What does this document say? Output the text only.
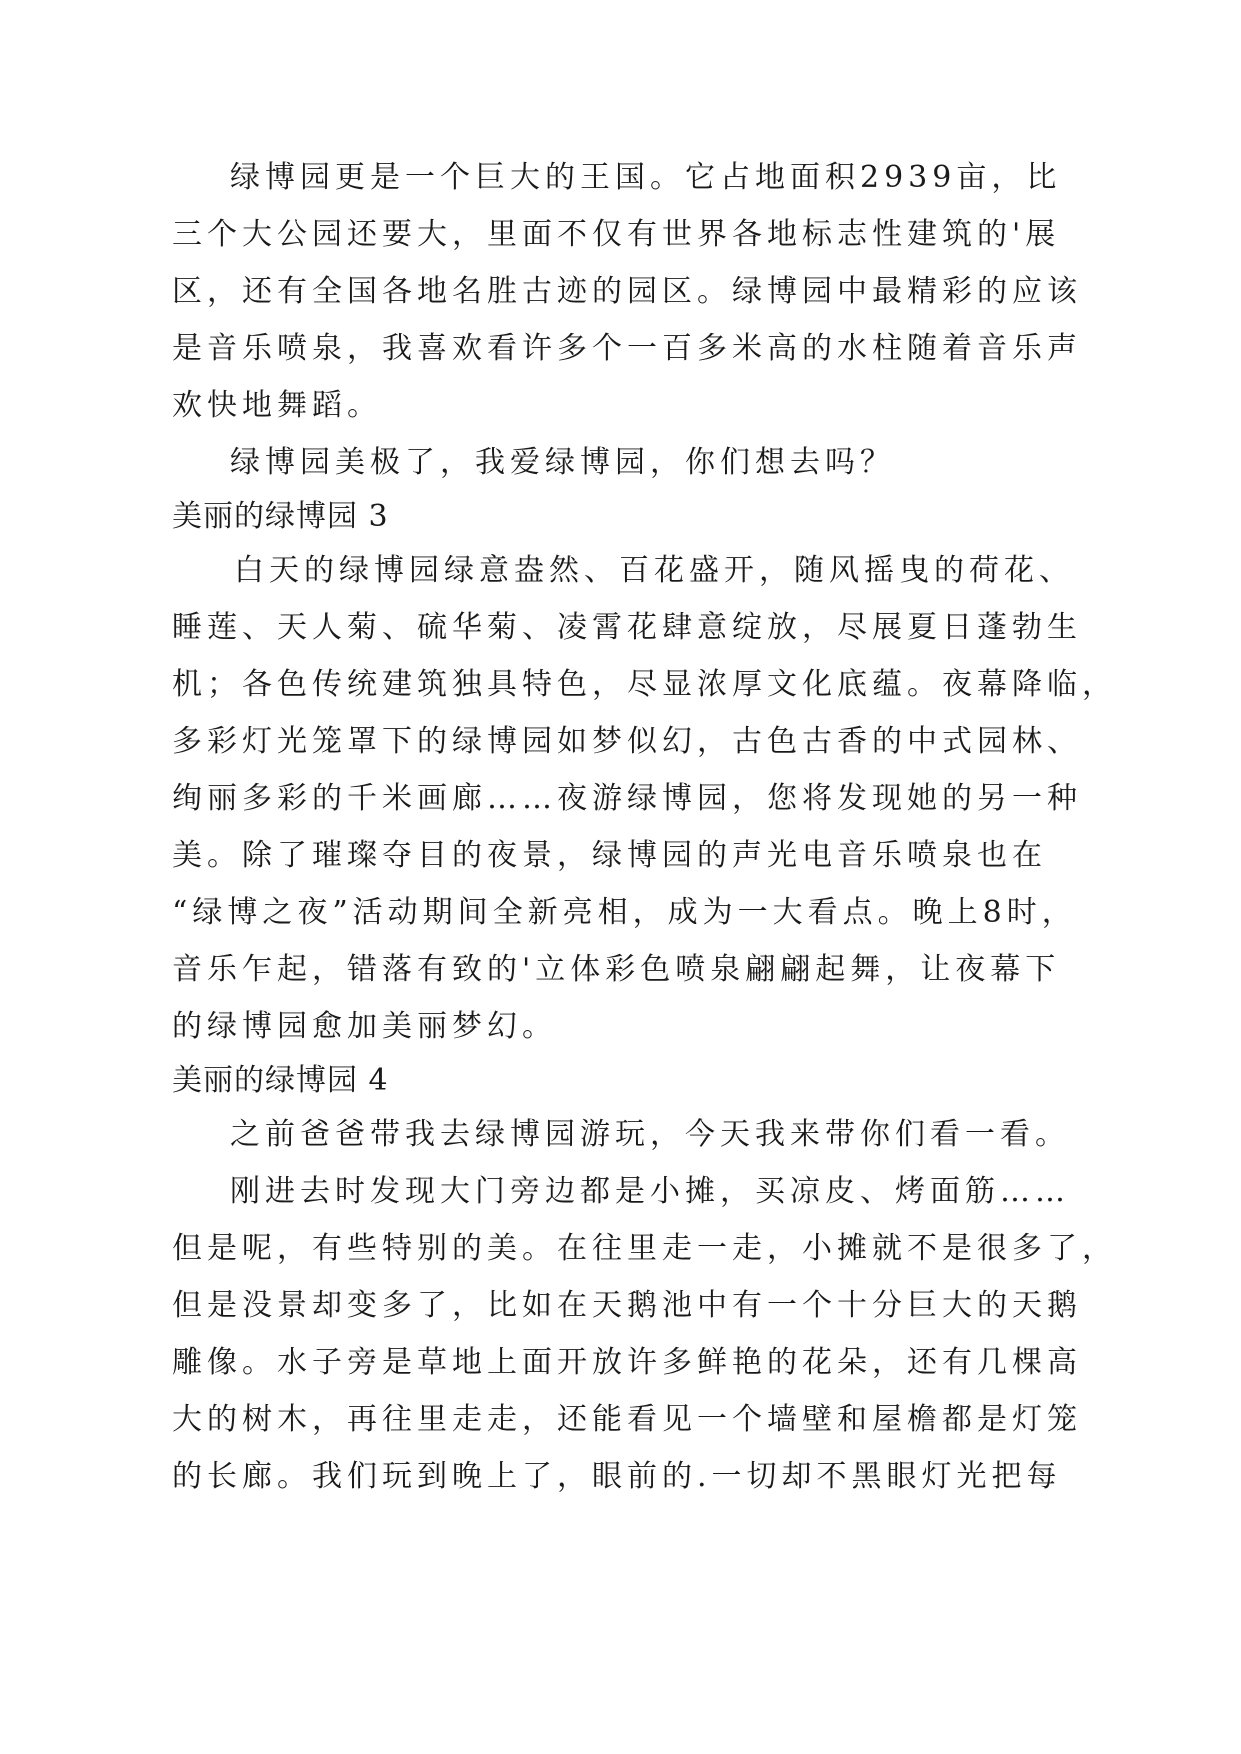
绿博园更是一个巨大的王国。它占地面积2939亩，比
三个大公园还要大，里面不仅有世界各地标志性建筑的'展
区，还有全国各地名胜古迹的园区。绿博园中最精彩的应该
是音乐喷泉，我喜欢看许多个一百多米高的水柱随着音乐声
欢快地舞蹈。
绿博园美极了，我爱绿博园，你们想去吗？
美丽的绿博园 3
白天的绿博园绿意盎然、百花盛开，随风摇曳的荷花、
睡莲、天人菊、硫华菊、凌霄花肆意绽放，尽展夏日蓬勃生
机；各色传统建筑独具特色，尽显浓厚文化底蕴。夜幕降临，
多彩灯光笼罩下的绿博园如梦似幻，古色古香的中式园林、
绚丽多彩的千米画廊……夜游绿博园，您将发现她的另一种
美。除了璀璨夺目的夜景，绿博园的声光电音乐喷泉也在
“绿博之夜”活动期间全新亮相，成为一大看点。晚上8时，
音乐乍起，错落有致的'立体彩色喷泉翩翩起舞，让夜幕下
的绿博园愈加美丽梦幻。
美丽的绿博园 4
之前爸爸带我去绿博园游玩，今天我来带你们看一看。
刚进去时发现大门旁边都是小摊，买凉皮、烤面筋……
但是呢，有些特别的美。在往里走一走，小摊就不是很多了，
但是没景却变多了，比如在天鹅池中有一个十分巨大的天鹅
雕像。水子旁是草地上面开放许多鲜艳的花朵，还有几棵高
大的树木，再往里走走，还能看见一个墙壁和屋檐都是灯笼
的长廊。我们玩到晚上了，眼前的.一切却不黑眼灯光把每
